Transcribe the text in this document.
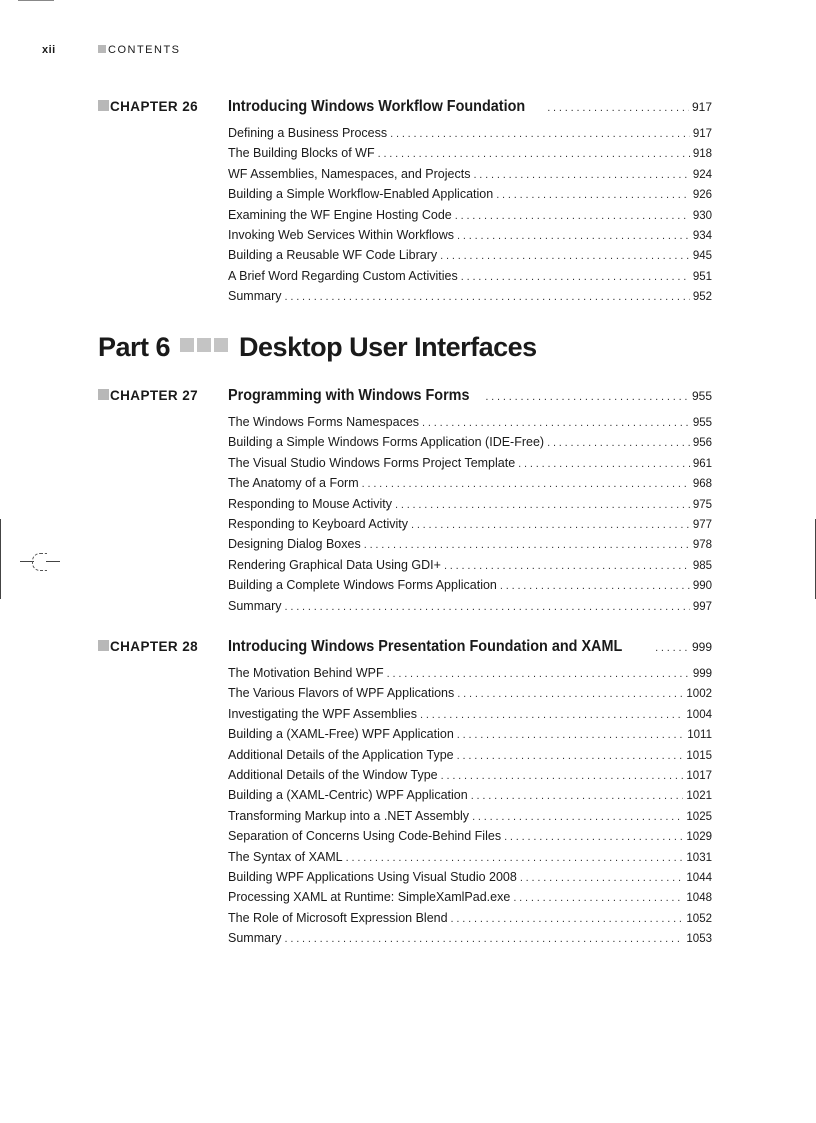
xii	CONTENTS
CHAPTER 26 Introducing Windows Workflow Foundation .....	917
Defining a Business Process .....	917
The Building Blocks of WF .....	918
WF Assemblies, Namespaces, and Projects .....	924
Building a Simple Workflow-Enabled Application .....	926
Examining the WF Engine Hosting Code .....	930
Invoking Web Services Within Workflows .....	934
Building a Reusable WF Code Library .....	945
A Brief Word Regarding Custom Activities .....	951
Summary .....	952
Part 6	Desktop User Interfaces
CHAPTER 27 Programming with Windows Forms .....	955
The Windows Forms Namespaces .....	955
Building a Simple Windows Forms Application (IDE-Free) .....	956
The Visual Studio Windows Forms Project Template .....	961
The Anatomy of a Form .....	968
Responding to Mouse Activity .....	975
Responding to Keyboard Activity .....	977
Designing Dialog Boxes .....	978
Rendering Graphical Data Using GDI+ .....	985
Building a Complete Windows Forms Application .....	990
Summary .....	997
CHAPTER 28 Introducing Windows Presentation Foundation and XAML .....	999
The Motivation Behind WPF .....	999
The Various Flavors of WPF Applications .....	1002
Investigating the WPF Assemblies .....	1004
Building a (XAML-Free) WPF Application .....	1011
Additional Details of the Application Type .....	1015
Additional Details of the Window Type .....	1017
Building a (XAML-Centric) WPF Application .....	1021
Transforming Markup into a .NET Assembly .....	1025
Separation of Concerns Using Code-Behind Files .....	1029
The Syntax of XAML .....	1031
Building WPF Applications Using Visual Studio 2008 .....	1044
Processing XAML at Runtime: SimpleXamlPad.exe .....	1048
The Role of Microsoft Expression Blend .....	1052
Summary .....	1053
